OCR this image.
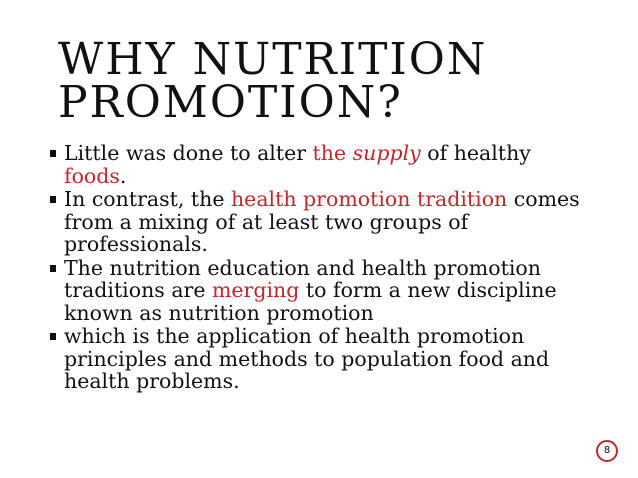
WHY NUTRITION
PROMOTION?
Little was done to alter the supply of healthy foods.
In contrast, the health promotion tradition comes from a mixing of at least two groups of professionals.
The nutrition education and health promotion traditions are merging to form a new discipline known as nutrition promotion
which is the application of health promotion principles and methods to population food and health problems.
8
